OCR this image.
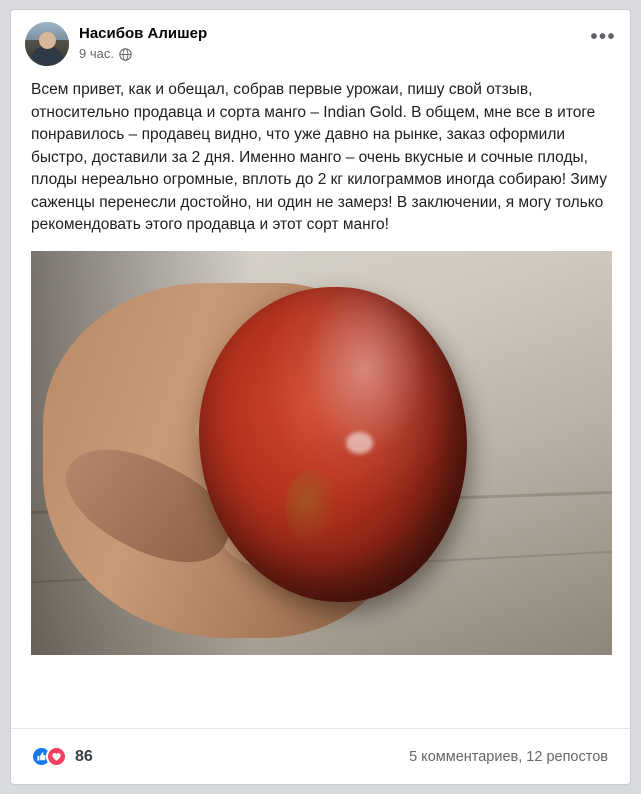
Насибов Алишер
9 час.
•••
Всем привет, как и обещал, собрав первые урожаи, пишу свой отзыв, относительно продавца и сорта манго – Indian Gold. В общем, мне все в итоге понравилось – продавец видно, что уже давно на рынке, заказ оформили быстро, доставили за 2 дня. Именно манго – очень вкусные и сочные плоды, плоды нереально огромные, вплоть до 2 кг килограммов иногда собираю! Зиму саженцы перенесли достойно, ни один не замерз! В заключении, я могу только рекомендовать этого продавца и этот сорт манго!
86	5 комментариев, 12 репостов
